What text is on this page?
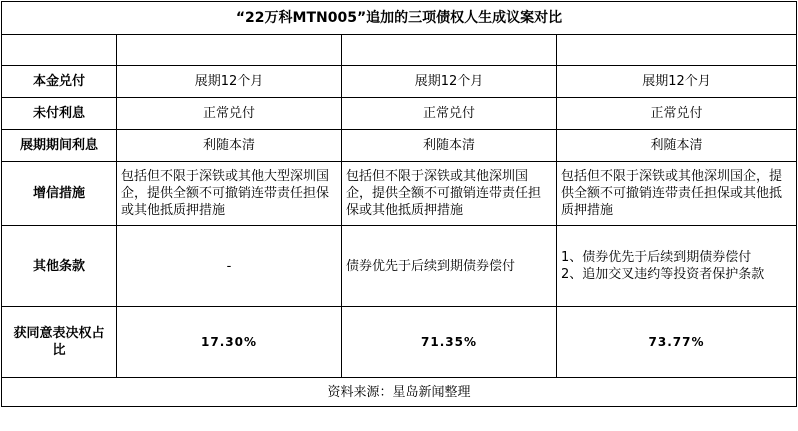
“22万科MTN005”追加的三项债权人生成议案对比			

本金兑付	展期12个月	展期12个月	展期12个月
未付利息	正常兑付	正常兑付	正常兑付
展期期间利息	利随本清	利随本清	利随本清
增信措施	包括但不限于深铁或其他大型深圳国企，提供全额不可撤销连带责任担保或其他抵质押措施	包括但不限于深铁或其他深圳国企，提供全额不可撤销连带责任担保或其他抵质押措施	包括但不限于深铁或其他深圳国企，提供全额不可撤销连带责任担保或其他抵质押措施
其他条款	-	债券优先于后续到期债券偿付	1、债券优先于后续到期债券偿付
2、追加交叉违约等投资者保护条款

获同意表决权占比	17.30%	71.35%	73.77%
资料来源：星岛新闻整理			
